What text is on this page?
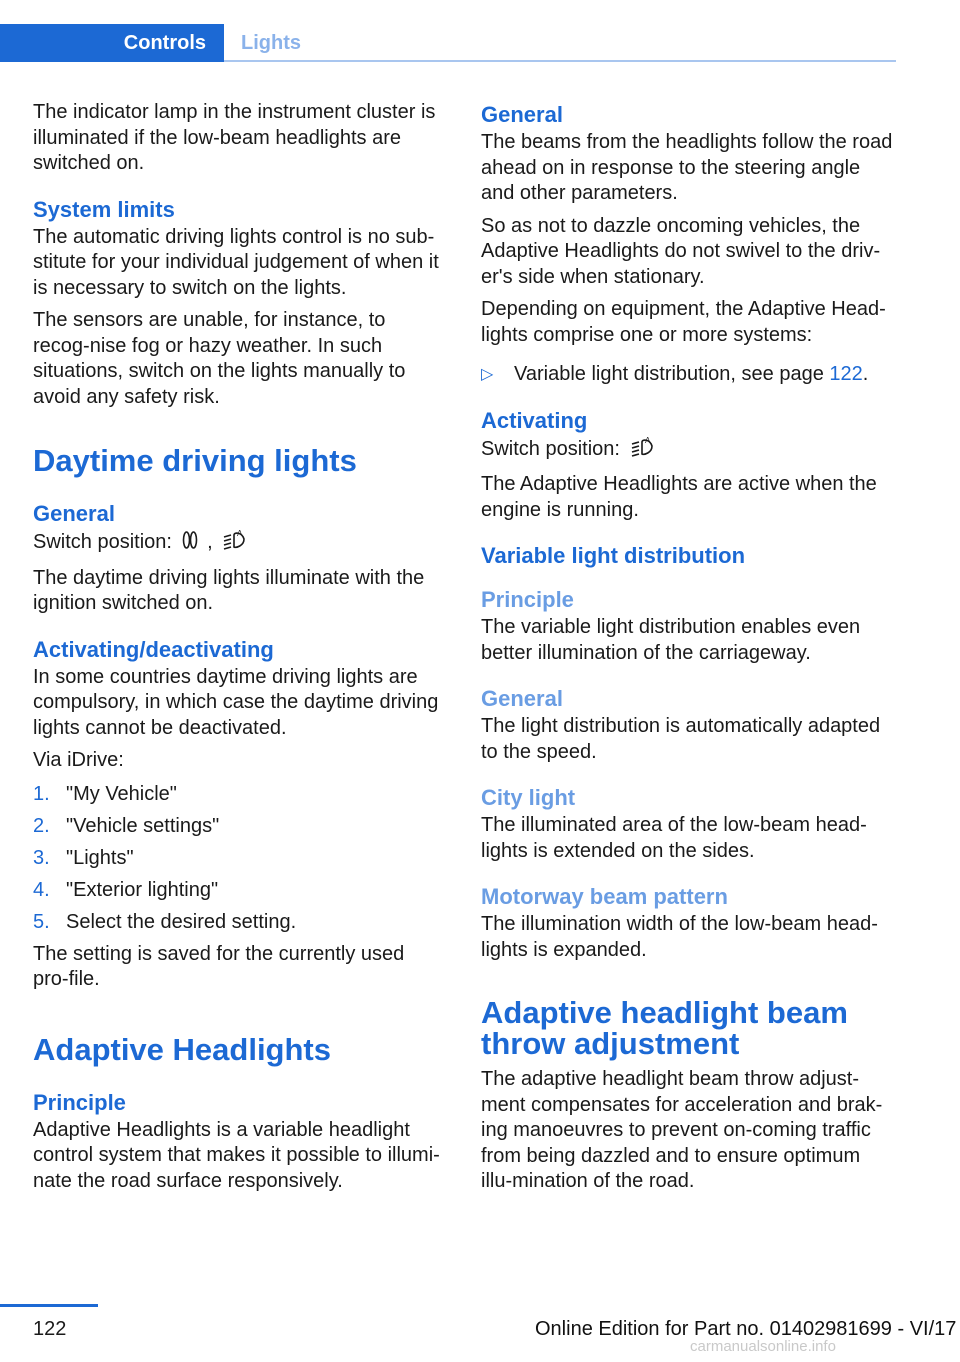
Controls Lights

The indicator lamp in the instrument cluster is illuminated if the low-beam headlights are switched on.

System limits

The automatic driving lights control is no sub-stitute for your individual judgement of when it is necessary to switch on the lights.

The sensors are unable, for instance, to recog-nise fog or hazy weather. In such situations, switch on the lights manually to avoid any safety risk.

Daytime driving lights
General

Switch position: ,	A

The daytime driving lights illuminate with the ignition switched on.

Activating/deactivating

In some countries daytime driving lights are compulsory, in which case the daytime driving lights cannot be deactivated.

Via iDrive:

1. "My Vehicle"
2. "Vehicle settings"
3. "Lights"
4. "Exterior lighting"
5. Select the desired setting.

The setting is saved for the currently used pro-file.

Adaptive Headlights
Principle

Adaptive Headlights is a variable headlight control system that makes it possible to illumi-nate the road surface responsively.

General

The beams from the headlights follow the road ahead on in response to the steering angle and other parameters.

So as not to dazzle oncoming vehicles, the Adaptive Headlights do not swivel to the driv-er's side when stationary.

Depending on equipment, the Adaptive Head-lights comprise one or more systems:

▷	Variable light distribution, see page 122.
Activating

Switch position:	A

The Adaptive Headlights are active when the engine is running.

Variable light distribution
Principle

The variable light distribution enables even better illumination of the carriageway.

General

The light distribution is automatically adapted to the speed.

City light

The illuminated area of the low-beam head-lights is extended on the sides.

Motorway beam pattern

The illumination width of the low-beam head-lights is expanded.

Adaptive headlight beam throw adjustment

The adaptive headlight beam throw adjust-ment compensates for acceleration and brak-ing manoeuvres to prevent on-coming traffic from being dazzled and to ensure optimum illu-mination of the road.

122	Online Edition for Part no. 01402981699 - VI/17
carmanualsonline.info
